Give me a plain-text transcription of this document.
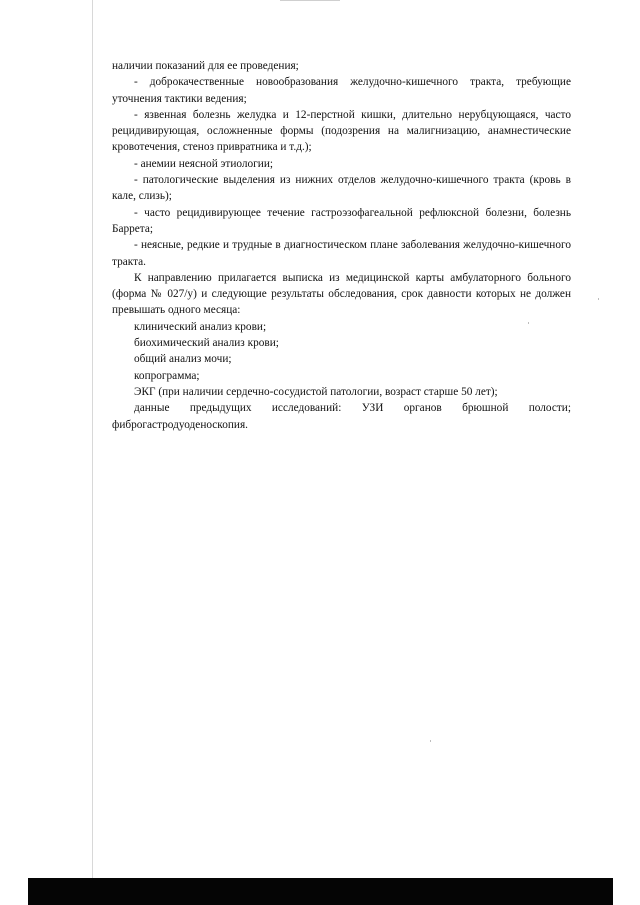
наличии показаний для ее проведения;

- доброкачественные новообразования желудочно-кишечного тракта, требующие уточнения тактики ведения;

- язвенная болезнь желудка и 12-перстной кишки, длительно нерубцующаяся, часто рецидивирующая, осложненные формы (подозрения на малигнизацию, анамнестические кровотечения, стеноз привратника и т.д.);

- анемии неясной этиологии;

- патологические выделения из нижних отделов желудочно-кишечного тракта (кровь в кале, слизь);

- часто рецидивирующее течение гастроэзофагеальной рефлюксной болезни, болезнь Баррета;

- неясные, редкие и трудные в диагностическом плане заболевания желудочно-кишечного тракта.

К направлению прилагается выписка из медицинской карты амбулаторного больного (форма № 027/у) и следующие результаты обследования, срок давности которых не должен превышать одного месяца:

клинический анализ крови;

биохимический анализ крови;

общий анализ мочи;

копрограмма;

ЭКГ (при наличии сердечно-сосудистой патологии, возраст старше 50 лет);

данные предыдущих исследований: УЗИ органов брюшной полости;

фиброгастродуоденоскопия.
